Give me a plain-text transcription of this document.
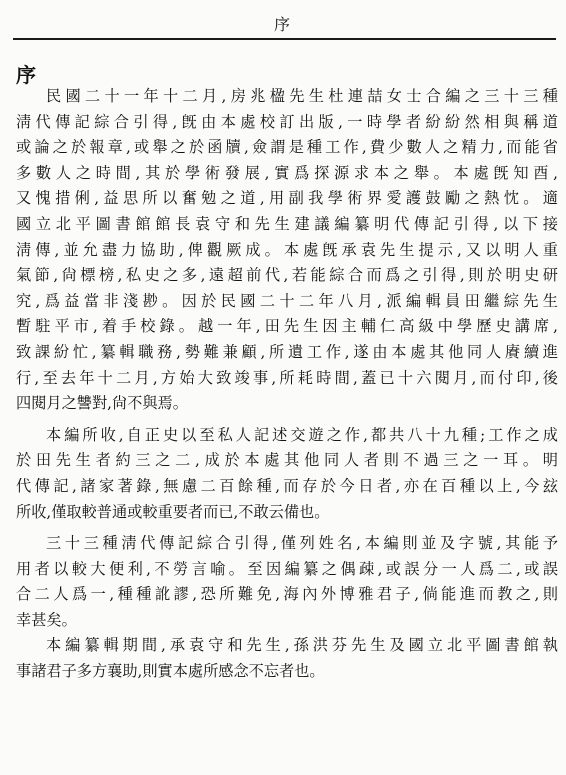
序
序
民國二十一年十二月,房兆楹先生杜連喆女士合編之三十三種
淸代傳記綜合引得,旣由本處校訂出版,一時學者紛紛然相與稱道
或論之於報章,或舉之於函牘,僉謂是種工作,費少數人之精力,而能省
多數人之時間,其於學術發展,實爲探源求本之舉。本處旣知酉,
又愧措俐,益思所以奮勉之道,用副我學術界愛護鼓勵之熱忱。適
國立北平圖書館館長袁守和先生建議編纂明代傳記引得,以下接
淸傳,並允盡力協助,俾觀厥成。本處旣承袁先生提示,又以明人重
氣節,尙標榜,私史之多,遠超前代,若能綜合而爲之引得,則於明史研
究,爲益當非淺尠。因於民國二十二年八月,派編輯員田繼綜先生
暫駐平市,着手校錄。越一年,田先生因主輔仁高級中學歷史講席,
致課紛忙,纂輯職務,勢難兼顧,所遺工作,遂由本處其他同人賡續進
行,至去年十二月,方始大致竣事,所耗時間,蓋已十六閱月,而付印,後
四閱月之讐對,尙不與焉。
本編所收,自正史以至私人記述交遊之作,都共八十九種;工作之成
於田先生者約三之二,成於本處其他同人者則不過三之一耳。明
代傳記,諸家著錄,無慮二百餘種,而存於今日者,亦在百種以上,今玆
所收,僅取較普通或較重要者而已,不敢云備也。
三十三種淸代傳記綜合引得,僅列姓名,本編則並及字號,其能予
用者以較大便利,不勞言喻。至因編纂之偶疎,或誤分一人爲二,或誤
合二人爲一,種種訛謬,恐所難免,海內外博雅君子,倘能進而教之,則
幸甚矣。
本編纂輯期間,承袁守和先生,孫洪芬先生及國立北平圖書館執
事諸君子多方襄助,則實本處所感念不忘者也。
